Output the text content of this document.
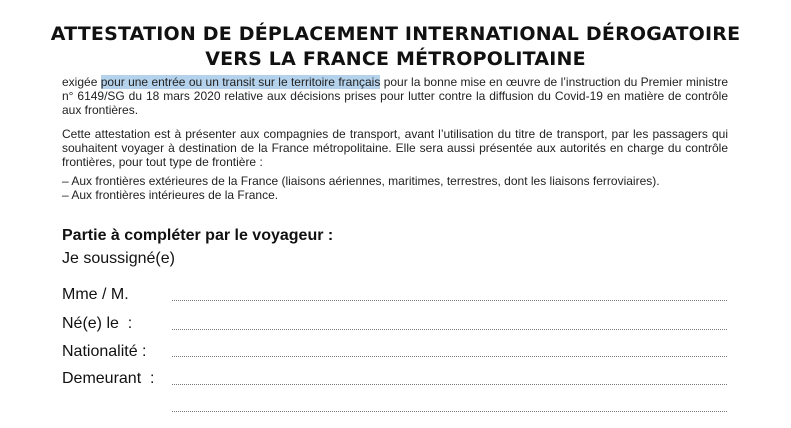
ATTESTATION DE DÉPLACEMENT INTERNATIONAL DÉROGATOIRE
VERS LA FRANCE MÉTROPOLITAINE

exigée pour une entrée ou un transit sur le territoire français pour la bonne mise en œuvre de l’instruction du Premier ministre n° 6149/SG du 18 mars 2020 relative aux décisions prises pour lutter contre la diffusion du Covid-19 en matière de contrôle aux frontières.

Cette attestation est à présenter aux compagnies de transport, avant l’utilisation du titre de transport, par les passagers qui souhaitent voyager à destination de la France métropolitaine. Elle sera aussi présentée aux autorités en charge du contrôle frontières, pour tout type de frontière :

– Aux frontières extérieures de la France (liaisons aériennes, maritimes, terrestres, dont les liaisons ferroviaires).
– Aux frontières intérieures de la France.
Partie à compléter par le voyageur :
Je soussigné(e)
Mme / M.
Né(e) le  :
Nationalité :
Demeurant  :
